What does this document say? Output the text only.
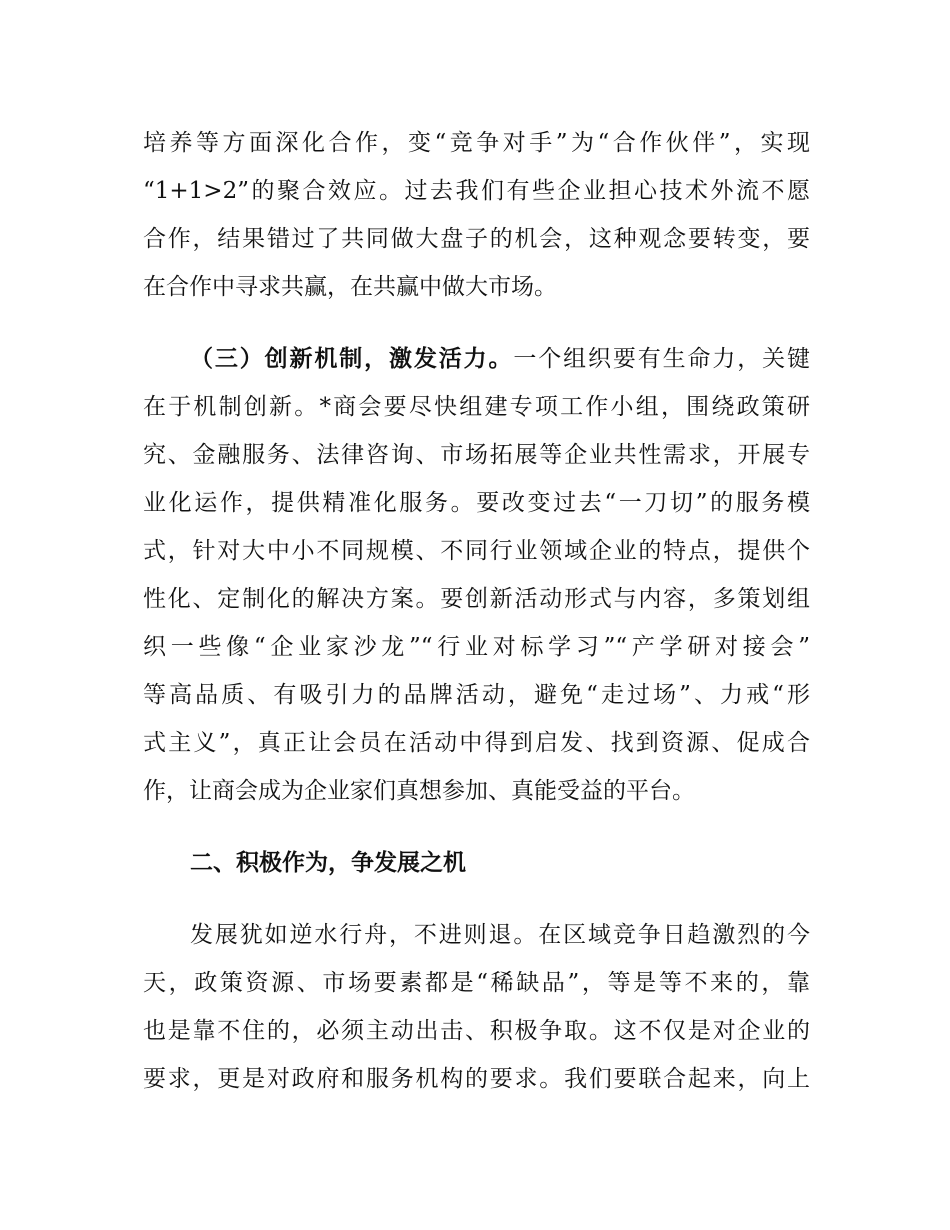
培养等方面深化合作，变“竞争对手”为“合作伙伴”，实现
“1+1>2”的聚合效应。过去我们有些企业担心技术外流不愿
合作，结果错过了共同做大盘子的机会，这种观念要转变，要
在合作中寻求共赢，在共赢中做大市场。
（三）创新机制，激发活力。一个组织要有生命力，关键
在于机制创新。*商会要尽快组建专项工作小组，围绕政策研
究、金融服务、法律咨询、市场拓展等企业共性需求，开展专
业化运作，提供精准化服务。要改变过去“一刀切”的服务模
式，针对大中小不同规模、不同行业领域企业的特点，提供个
性化、定制化的解决方案。要创新活动形式与内容，多策划组
织一些像“企业家沙龙”“行业对标学习”“产学研对接会”
等高品质、有吸引力的品牌活动，避免“走过场”、力戒“形
式主义”，真正让会员在活动中得到启发、找到资源、促成合
作，让商会成为企业家们真想参加、真能受益的平台。
二、积极作为，争发展之机
发展犹如逆水行舟，不进则退。在区域竞争日趋激烈的今
天，政策资源、市场要素都是“稀缺品”，等是等不来的，靠
也是靠不住的，必须主动出击、积极争取。这不仅是对企业的
要求，更是对政府和服务机构的要求。我们要联合起来，向上
